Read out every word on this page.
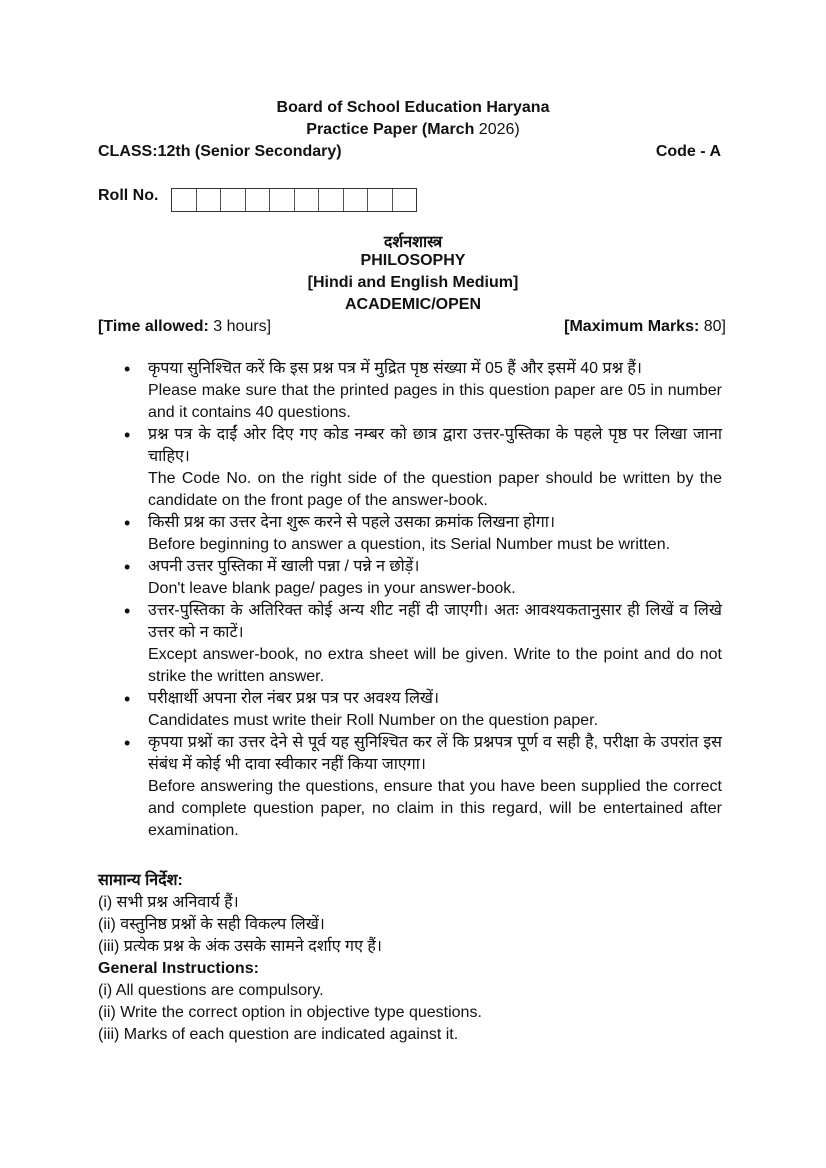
Board of School Education Haryana
Practice Paper (March 2026)
CLASS:12th (Senior Secondary)	Code - A
Roll No.
दर्शनशास्त्र
PHILOSOPHY
[Hindi and English Medium]
ACADEMIC/OPEN
[Time allowed: 3 hours]	[Maximum Marks: 80]
• कृपया सुनिश्चित करें कि इस प्रश्न पत्र में मुद्रित पृष्ठ संख्या में 05 हैं और इसमें 40 प्रश्न हैं।
Please make sure that the printed pages in this question paper are 05 in number and it contains 40 questions.
• प्रश्न पत्र के दाईं ओर दिए गए कोड नम्बर को छात्र द्वारा उत्तर-पुस्तिका के पहले पृष्ठ पर लिखा जाना चाहिए।
The Code No. on the right side of the question paper should be written by the candidate on the front page of the answer-book.
• किसी प्रश्न का उत्तर देना शुरू करने से पहले उसका क्रमांक लिखना होगा।
Before beginning to answer a question, its Serial Number must be written.
• अपनी उत्तर पुस्तिका में खाली पन्ना / पन्ने न छोड़ें।
Don't leave blank page/ pages in your answer-book.
• उत्तर-पुस्तिका के अतिरिक्त कोई अन्य शीट नहीं दी जाएगी। अतः आवश्यकतानुसार ही लिखें व लिखे उत्तर को न काटें।
Except answer-book, no extra sheet will be given. Write to the point and do not strike the written answer.
• परीक्षार्थी अपना रोल नंबर प्रश्न पत्र पर अवश्य लिखें।
Candidates must write their Roll Number on the question paper.
• कृपया प्रश्नों का उत्तर देने से पूर्व यह सुनिश्चित कर लें कि प्रश्नपत्र पूर्ण व सही है, परीक्षा के उपरांत इस संबंध में कोई भी दावा स्वीकार नहीं किया जाएगा।
Before answering the questions, ensure that you have been supplied the correct and complete question paper, no claim in this regard, will be entertained after examination.
सामान्य निर्देश:
(i) सभी प्रश्न अनिवार्य हैं।
(ii) वस्तुनिष्ठ प्रश्नों के सही विकल्प लिखें।
(iii) प्रत्येक प्रश्न के अंक उसके सामने दर्शाए गए हैं।
General Instructions:
(i) All questions are compulsory.
(ii) Write the correct option in objective type questions.
(iii) Marks of each question are indicated against it.
